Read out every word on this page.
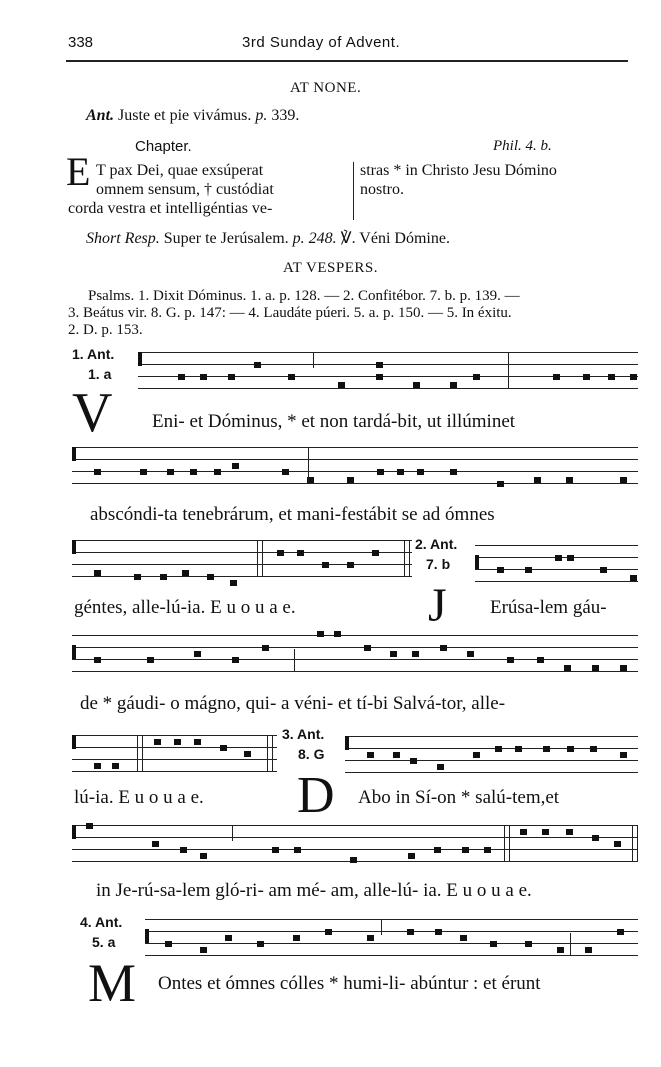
338	3rd Sunday of Advent.
AT NONE.
Ant. Juste et pie vivámus. p. 339.
Chapter.	Phil. 4. b.
E T pax Dei, quae exsúperat
omnem sensum, † custódiat
corda vestra et intelligéntias ve-
stras * in Christo Jesu Dómino
nostro.
Short Resp. Super te Jerúsalem. p. 248. ℣. Véni Dómine.
AT VESPERS.
Psalms. 1. Dixit Dóminus. 1. a. p. 128. — 2. Confitébor. 7. b. p. 139. —
3. Beátus vir. 8. G. p. 147: — 4. Laudáte púeri. 5. a. p. 150. — 5. In éxitu.
2. D. p. 153.
1. Ant.
1. a
V Eni- et Dóminus, * et non tardá-bit, ut illúminet
abscóndi-ta tenebrárum, et mani-festábit se ad ómnes
2. Ant.
7. b
géntes, alle-lú-ia. E u o u a e.	J Erúsa-lem gáu-
de * gáudi- o mágno, qui- a véni- et tí-bi Salvá-tor, alle-
3. Ant.
8. G
lú-ia. E u o u a e. D Abo in Sí-on * salú-tem,et
in Je-rú-sa-lem gló-ri- am mé- am, alle-lú- ia. E u o u a e.
4. Ant.
5. a
M Ontes et ómnes cólles * humi-li- abúntur : et érunt
